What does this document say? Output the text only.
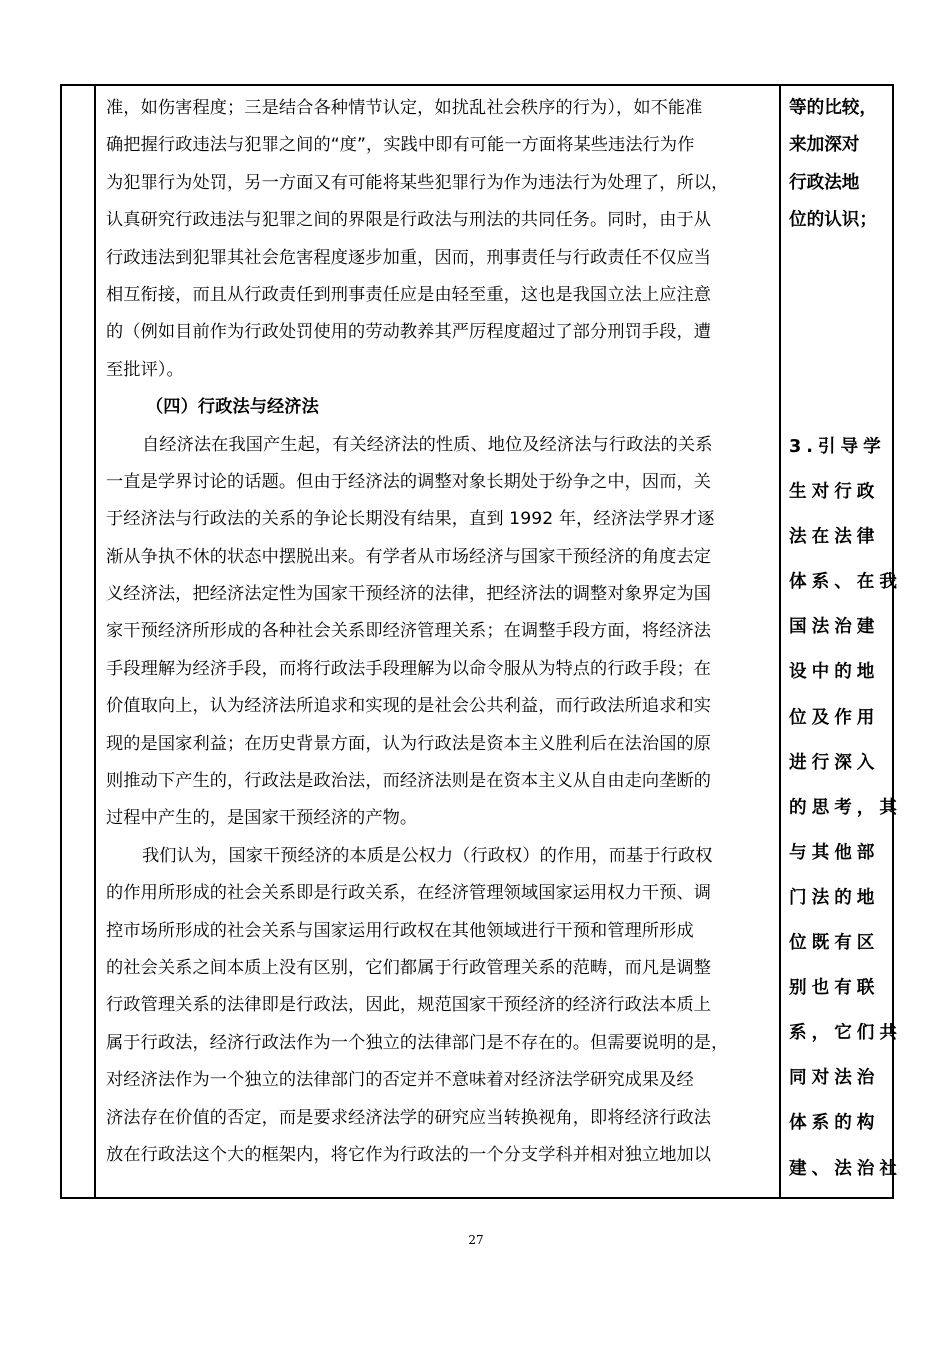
准，如伤害程度；三是结合各种情节认定，如扰乱社会秩序的行为），如不能准
确把握行政违法与犯罪之间的“度”，实践中即有可能一方面将某些违法行为作
为犯罪行为处罚，另一方面又有可能将某些犯罪行为作为违法行为处理了，所以，
认真研究行政违法与犯罪之间的界限是行政法与刑法的共同任务。同时，由于从
行政违法到犯罪其社会危害程度逐步加重，因而，刑事责任与行政责任不仅应当
相互衔接，而且从行政责任到刑事责任应是由轻至重，这也是我国立法上应注意
的（例如目前作为行政处罚使用的劳动教养其严厉程度超过了部分刑罚手段，遭
至批评）。
（四）行政法与经济法
自经济法在我国产生起，有关经济法的性质、地位及经济法与行政法的关系
一直是学界讨论的话题。但由于经济法的调整对象长期处于纷争之中，因而，关
于经济法与行政法的关系的争论长期没有结果，直到 1992 年，经济法学界才逐
渐从争执不休的状态中摆脱出来。有学者从市场经济与国家干预经济的角度去定
义经济法，把经济法定性为国家干预经济的法律，把经济法的调整对象界定为国
家干预经济所形成的各种社会关系即经济管理关系；在调整手段方面，将经济法
手段理解为经济手段，而将行政法手段理解为以命令服从为特点的行政手段；在
价值取向上，认为经济法所追求和实现的是社会公共利益，而行政法所追求和实
现的是国家利益；在历史背景方面，认为行政法是资本主义胜利后在法治国的原
则推动下产生的，行政法是政治法，而经济法则是在资本主义从自由走向垄断的
过程中产生的，是国家干预经济的产物。
我们认为，国家干预经济的本质是公权力（行政权）的作用，而基于行政权
的作用所形成的社会关系即是行政关系，在经济管理领域国家运用权力干预、调
控市场所形成的社会关系与国家运用行政权在其他领域进行干预和管理所形成
的社会关系之间本质上没有区别，它们都属于行政管理关系的范畴，而凡是调整
行政管理关系的法律即是行政法，因此，规范国家干预经济的经济行政法本质上
属于行政法，经济行政法作为一个独立的法律部门是不存在的。但需要说明的是，
对经济法作为一个独立的法律部门的否定并不意味着对经济法学研究成果及经
济法存在价值的否定，而是要求经济法学的研究应当转换视角，即将经济行政法
放在行政法这个大的框架内，将它作为行政法的一个分支学科并相对独立地加以
等的比较，
来加深对
行政法地
位的认识；
3.引导学
生对行政
法在法律
体系、在我
国法治建
设中的地
位及作用
进行深入
的思考，其
与其他部
门法的地
位既有区
别也有联
系，它们共
同对法治
体系的构
建、法治社
27
